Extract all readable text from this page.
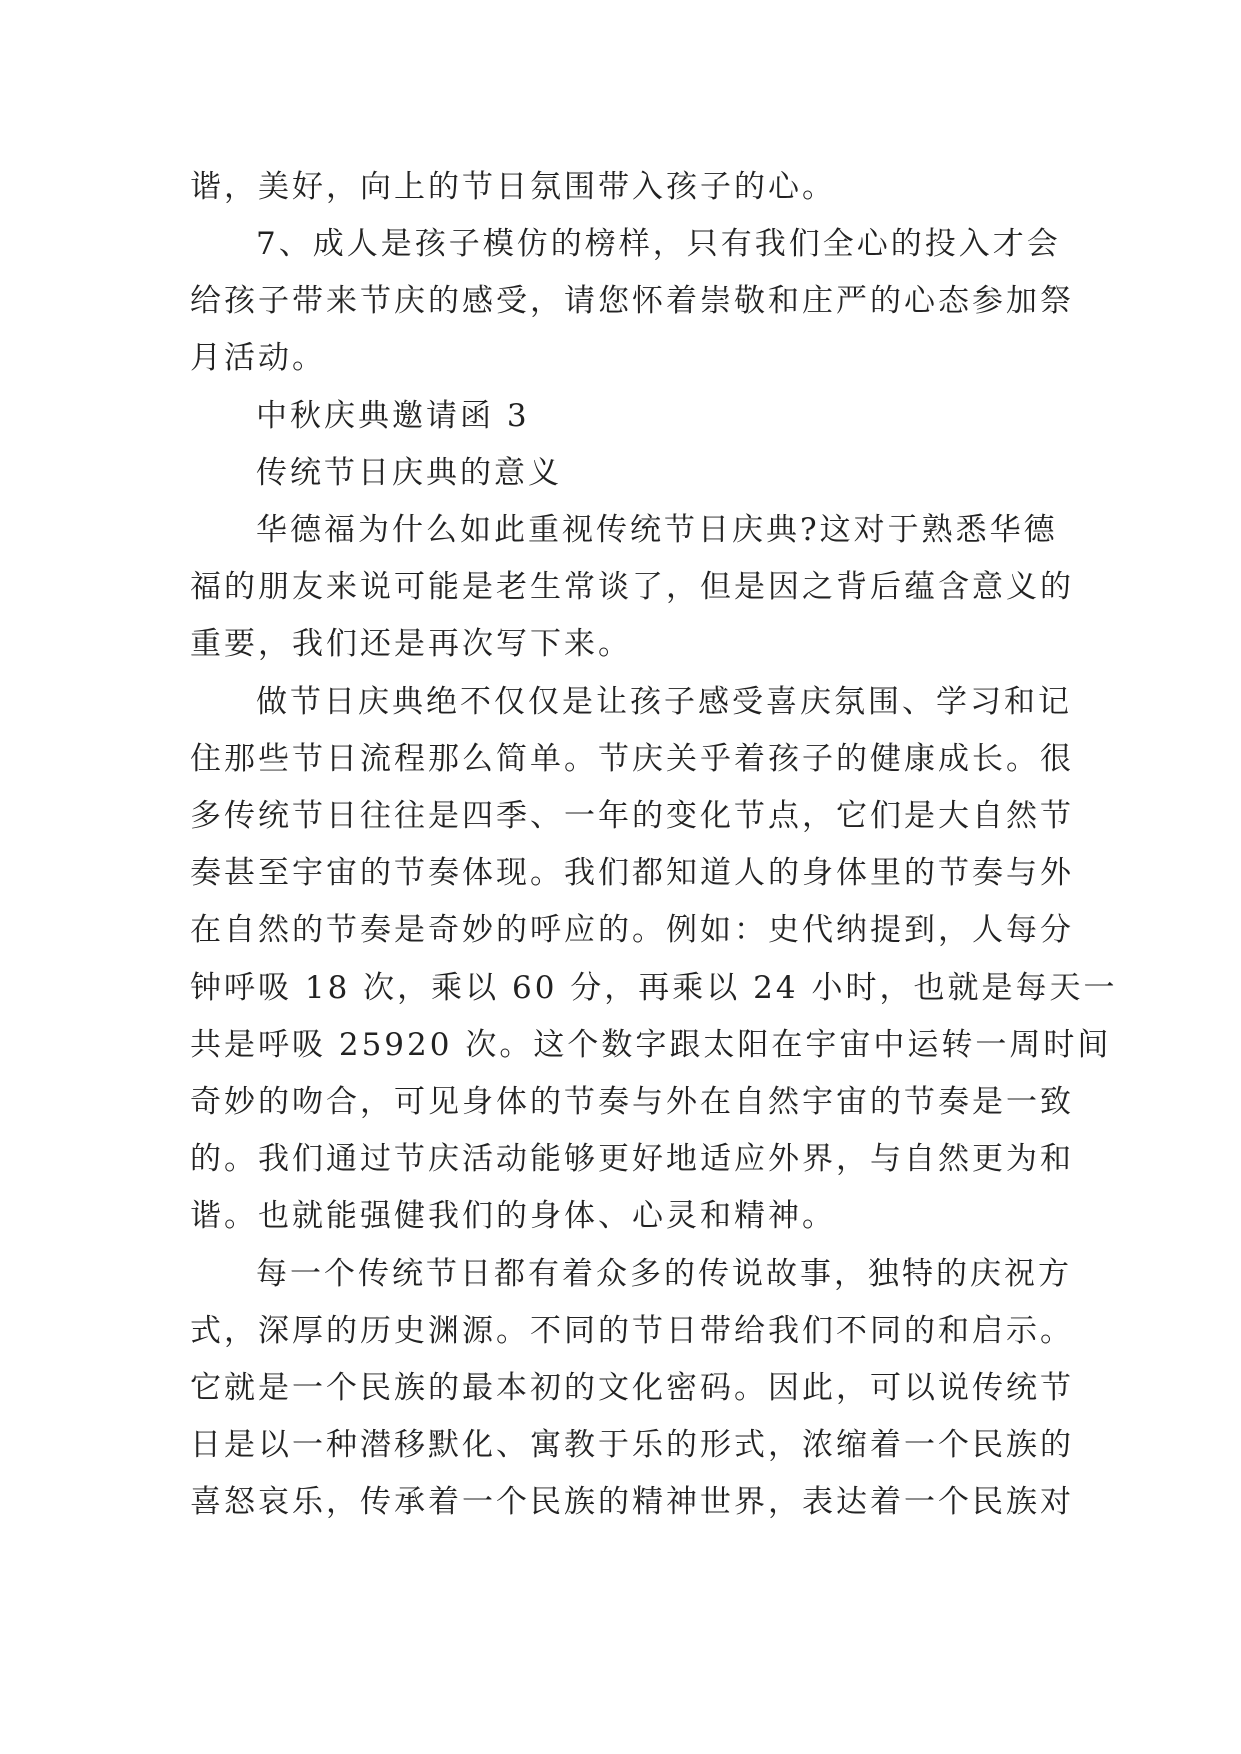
谐，美好，向上的节日氛围带入孩子的心。
7、成人是孩子模仿的榜样，只有我们全心的投入才会
给孩子带来节庆的感受，请您怀着崇敬和庄严的心态参加祭
月活动。
中秋庆典邀请函 3
传统节日庆典的意义
华德福为什么如此重视传统节日庆典?这对于熟悉华德
福的朋友来说可能是老生常谈了，但是因之背后蕴含意义的
重要，我们还是再次写下来。
做节日庆典绝不仅仅是让孩子感受喜庆氛围、学习和记
住那些节日流程那么简单。节庆关乎着孩子的健康成长。很
多传统节日往往是四季、一年的变化节点，它们是大自然节
奏甚至宇宙的节奏体现。我们都知道人的身体里的节奏与外
在自然的节奏是奇妙的呼应的。例如：史代纳提到，人每分
钟呼吸 18 次，乘以 60 分，再乘以 24 小时，也就是每天一
共是呼吸 25920 次。这个数字跟太阳在宇宙中运转一周时间
奇妙的吻合，可见身体的节奏与外在自然宇宙的节奏是一致
的。我们通过节庆活动能够更好地适应外界，与自然更为和
谐。也就能强健我们的身体、心灵和精神。
每一个传统节日都有着众多的传说故事，独特的庆祝方
式，深厚的历史渊源。不同的节日带给我们不同的和启示。
它就是一个民族的最本初的文化密码。因此，可以说传统节
日是以一种潜移默化、寓教于乐的形式，浓缩着一个民族的
喜怒哀乐，传承着一个民族的精神世界，表达着一个民族对
